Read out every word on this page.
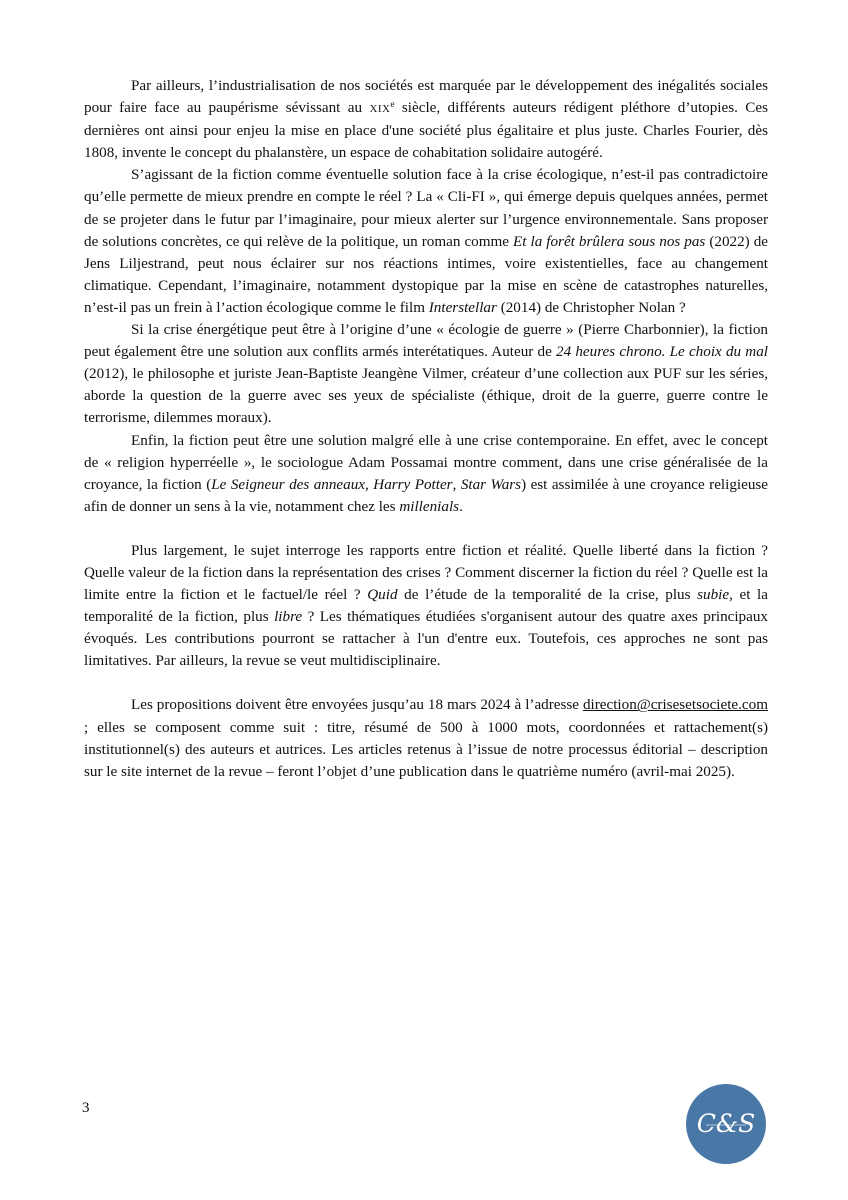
Par ailleurs, l’industrialisation de nos sociétés est marquée par le développement des inégalités sociales pour faire face au paupérisme sévissant au XIXe siècle, différents auteurs rédigent pléthore d’utopies. Ces dernières ont ainsi pour enjeu la mise en place d'une société plus égalitaire et plus juste. Charles Fourier, dès 1808, invente le concept du phalanstère, un espace de cohabitation solidaire autogéré.

S’agissant de la fiction comme éventuelle solution face à la crise écologique, n’est-il pas contradictoire qu’elle permette de mieux prendre en compte le réel ? La « Cli-FI », qui émerge depuis quelques années, permet de se projeter dans le futur par l’imaginaire, pour mieux alerter sur l’urgence environnementale. Sans proposer de solutions concrètes, ce qui relève de la politique, un roman comme Et la forêt brûlera sous nos pas (2022) de Jens Liljestrand, peut nous éclairer sur nos réactions intimes, voire existentielles, face au changement climatique. Cependant, l’imaginaire, notamment dystopique par la mise en scène de catastrophes naturelles, n’est-il pas un frein à l’action écologique comme le film Interstellar (2014) de Christopher Nolan ?

Si la crise énergétique peut être à l’origine d’une « écologie de guerre » (Pierre Charbonnier), la fiction peut également être une solution aux conflits armés interétatiques. Auteur de 24 heures chrono. Le choix du mal (2012), le philosophe et juriste Jean-Baptiste Jeangène Vilmer, créateur d’une collection aux PUF sur les séries, aborde la question de la guerre avec ses yeux de spécialiste (éthique, droit de la guerre, guerre contre le terrorisme, dilemmes moraux).

Enfin, la fiction peut être une solution malgré elle à une crise contemporaine. En effet, avec le concept de « religion hyperréelle », le sociologue Adam Possamai montre comment, dans une crise généralisée de la croyance, la fiction (Le Seigneur des anneaux, Harry Potter, Star Wars) est assimilée à une croyance religieuse afin de donner un sens à la vie, notamment chez les millenials.

Plus largement, le sujet interroge les rapports entre fiction et réalité. Quelle liberté dans la fiction ? Quelle valeur de la fiction dans la représentation des crises ? Comment discerner la fiction du réel ? Quelle est la limite entre la fiction et le factuel/le réel ? Quid de l’étude de la temporalité de la crise, plus subie, et la temporalité de la fiction, plus libre ? Les thématiques étudiées s'organisent autour des quatre axes principaux évoqués. Les contributions pourront se rattacher à l'un d'entre eux. Toutefois, ces approches ne sont pas limitatives. Par ailleurs, la revue se veut multidisciplinaire.

Les propositions doivent être envoyées jusqu’au 18 mars 2024 à l’adresse direction@crisesetsociete.com ; elles se composent comme suit : titre, résumé de 500 à 1000 mots, coordonnées et rattachement(s) institutionnel(s) des auteurs et autrices. Les articles retenus à l’issue de notre processus éditorial – description sur le site internet de la revue – feront l’objet d’une publication dans le quatrième numéro (avril-mai 2025).

3
C&S
